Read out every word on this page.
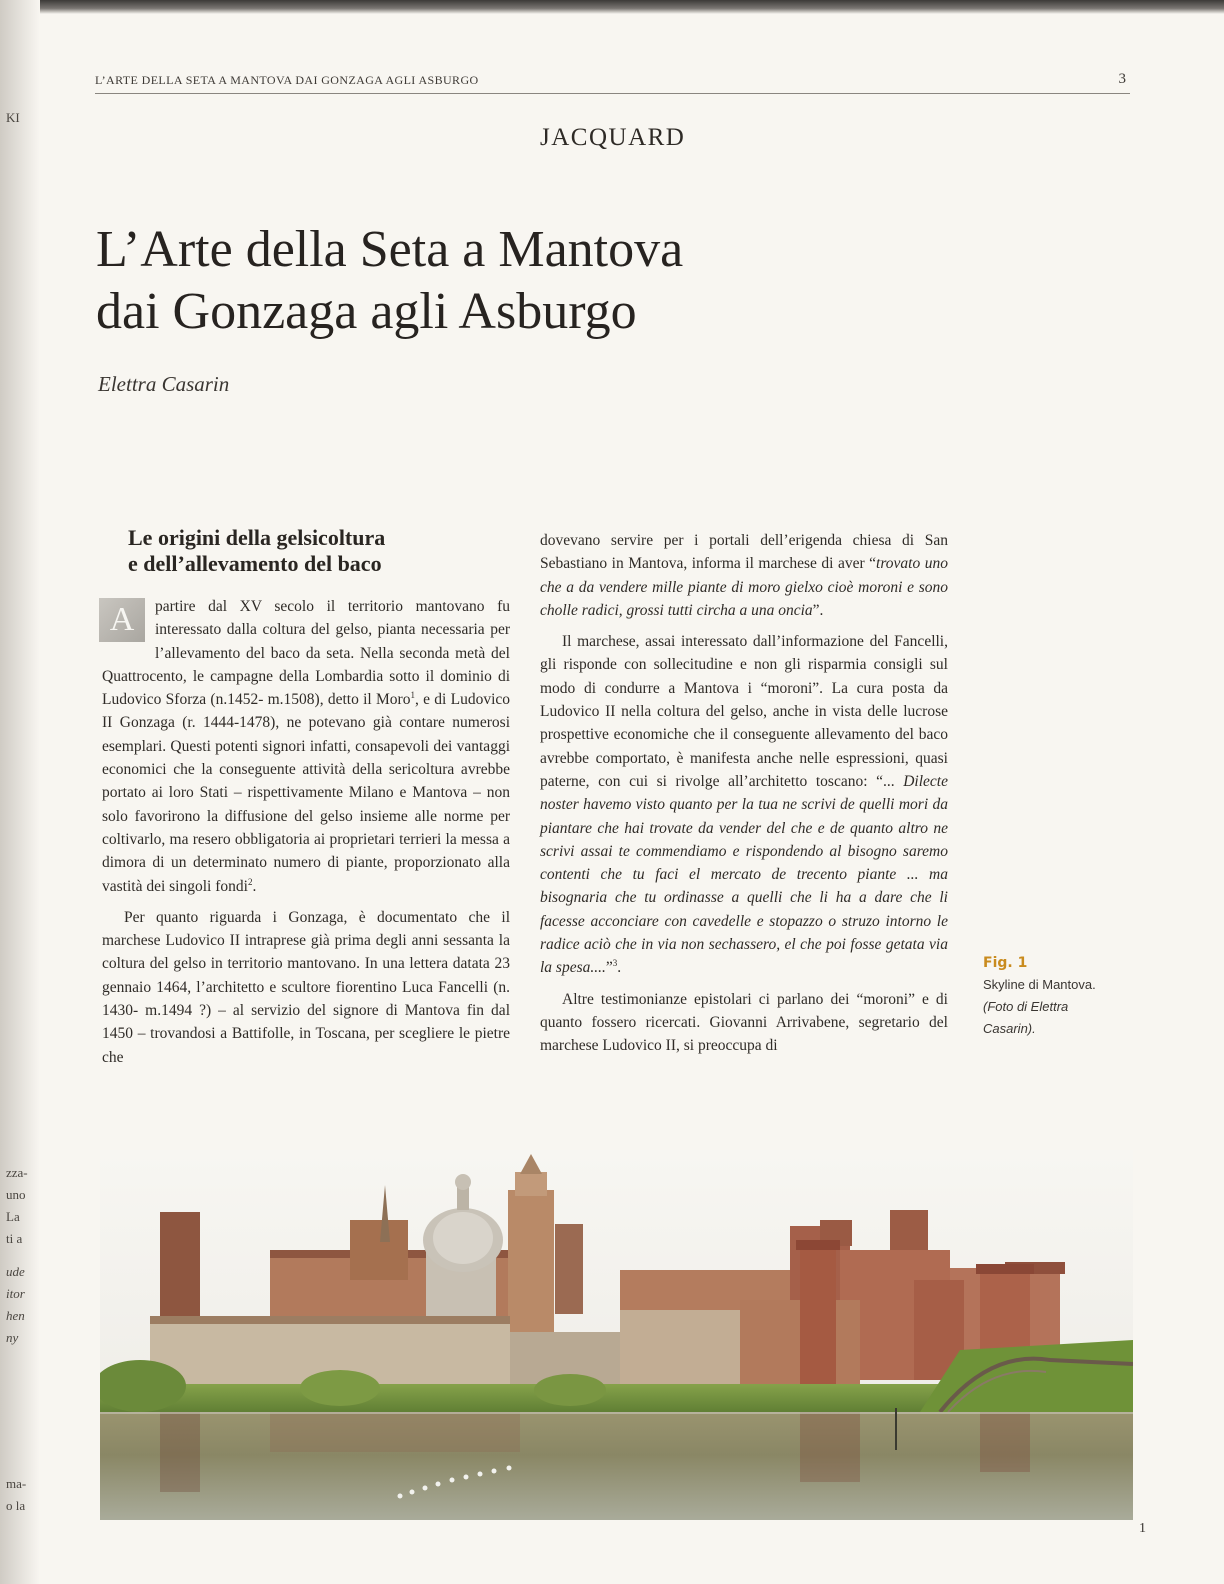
KI
zza-
uno
La
ti a
ude
itor
hen
ny
ma-
o la
L’ARTE DELLA SETA A MANTOVA DAI GONZAGA AGLI ASBURGO	3
JACQUARD
L’Arte della Seta a Mantova
dai Gonzaga agli Asburgo
Elettra Casarin
Le origini della gelsicoltura
e dell’allevamento del baco

A	partire dal XV secolo il territorio mantovano fu interessato dalla coltura del gelso, pianta necessaria per l’allevamento del baco da seta. Nella seconda metà del Quattrocento, le campagne della Lombardia sotto il dominio di Ludovico Sforza (n.1452- m.1508), detto il Moro$^1$, e di Ludovico II Gonzaga (r. 1444-1478), ne potevano già contare numerosi esemplari. Questi potenti signori infatti, consapevoli dei vantaggi economici che la conseguente attività della sericoltura avrebbe portato ai loro Stati – rispettivamente Milano e Mantova – non solo favorirono la diffusione del gelso insieme alle norme per coltivarlo, ma resero obbligatoria ai proprietari terrieri la messa a dimora di un determinato numero di piante, proporzionato alla vastità dei singoli fondi$^2$.

Per quanto riguarda i Gonzaga, è documentato che il marchese Ludovico II intraprese già prima degli anni sessanta la coltura del gelso in territorio mantovano. In una lettera datata 23 gennaio 1464, l’architetto e scultore fiorentino Luca Fancelli (n. 1430- m.1494 ?) – al servizio del signore di Mantova fin dal 1450 – trovandosi a Battifolle, in Toscana, per scegliere le pietre che

dovevano servire per i portali dell’erigenda chiesa di San Sebastiano in Mantova, informa il marchese di aver “trovato uno che a da vendere mille piante di moro gielxo cioè moroni e sono cholle radici, grossi tutti circha a una oncia”.

Il marchese, assai interessato dall’informazione del Fancelli, gli risponde con sollecitudine e non gli risparmia consigli sul modo di condurre a Mantova i “moroni”. La cura posta da Ludovico II nella coltura del gelso, anche in vista delle lucrose prospettive economiche che il conseguente allevamento del baco avrebbe comportato, è manifesta anche nelle espressioni, quasi paterne, con cui si rivolge all’architetto toscano: “... Dilecte noster havemo visto quanto per la tua ne scrivi de quelli mori da piantare che hai trovate da vender del che e de quanto altro ne scrivi assai te commendiamo e rispondendo al bisogno saremo contenti che tu faci el mercato de trecento piante ... ma bisognaria che tu ordinasse a quelli che li ha a dare che li facesse acconciare con cavedelle e stopazzo o struzo intorno le radice aciò che in via non sechassero, el che poi fosse getata via la spesa....”$^3$.

Altre testimonianze epistolari ci parlano dei “moroni” e di quanto fossero ricercati. Giovanni Arrivabene, segretario del marchese Ludovico II, si preoccupa di

Fig. 1
Skyline di Mantova.
(Foto di Elettra Casarin).
1
